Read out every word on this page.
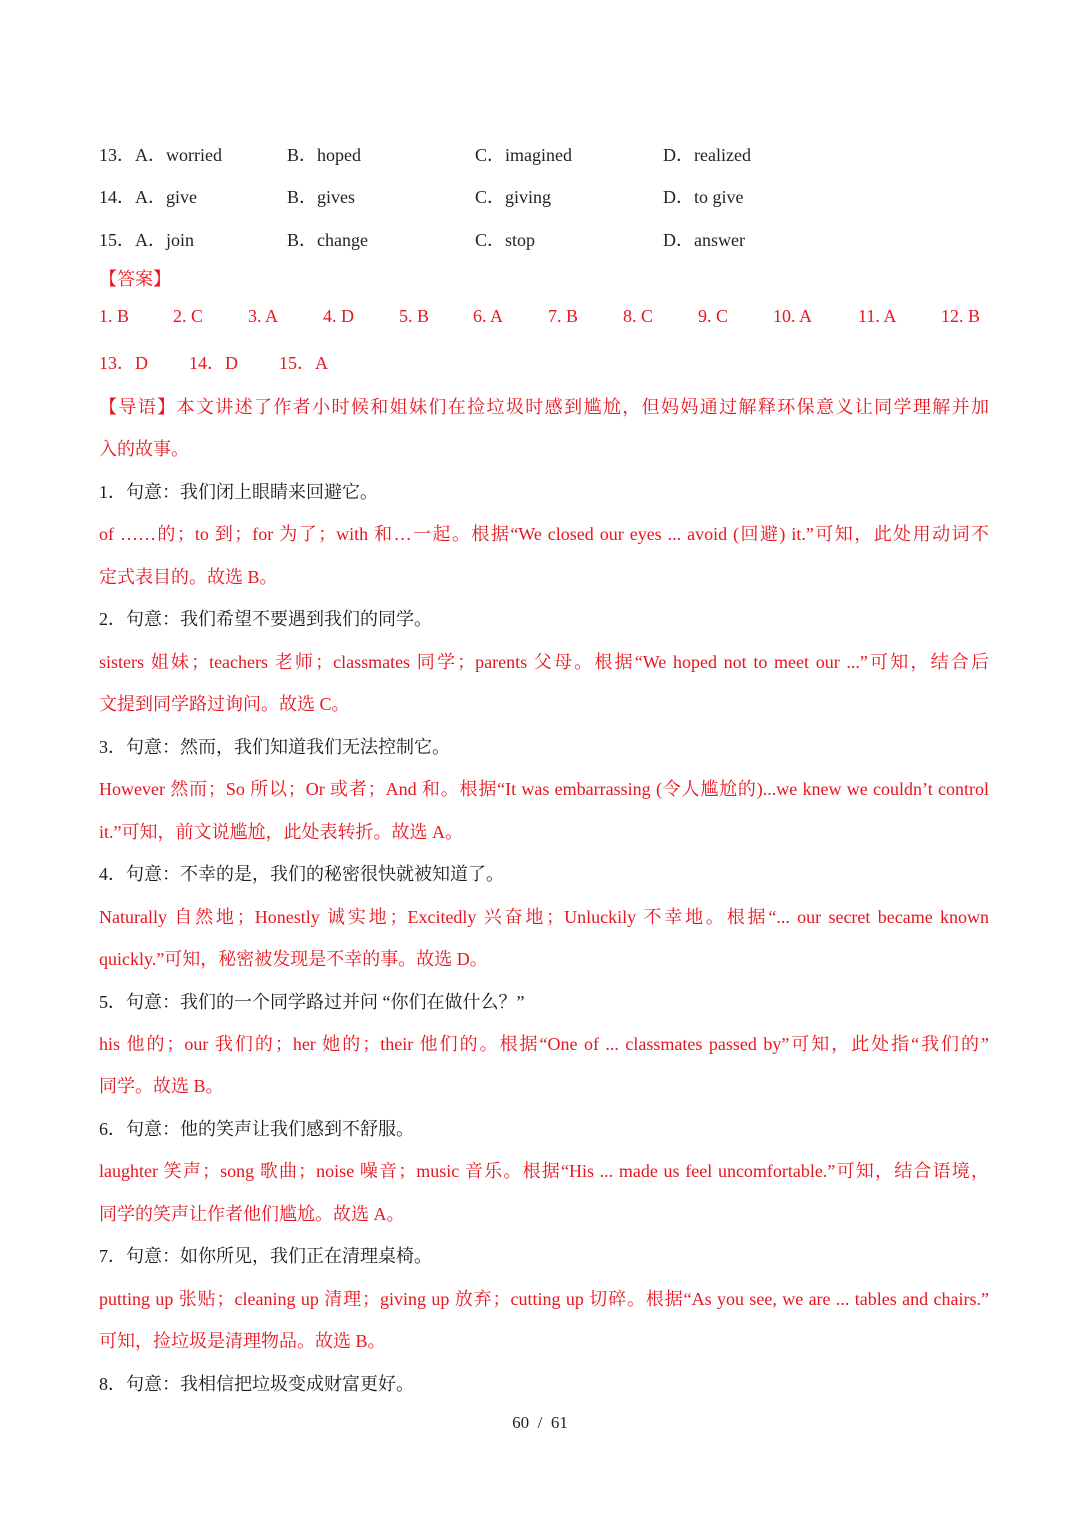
13．A．worried	B．hoped	C．imagined	D．realized
14．A．give	B．gives	C．giving	D．to give
15．A．join	B．change	C．stop	D．answer
【答案】
1. B 2. C 3. A 4. D	5. B 6. A 7. B 8. C 9. C 10. A	11. A 12. B
13．D 14．D 15．A
【导语】本文讲述了作者小时候和姐妹们在捡垃圾时感到尴尬，但妈妈通过解释环保意义让同学理解并加
入的故事。
1．句意：我们闭上眼睛来回避它。
of ……的；to 到；for 为了；with 和…一起。根据“We closed our eyes ... avoid (回避) it.”可知，此处用动词不
定式表目的。故选 B。
2．句意：我们希望不要遇到我们的同学。
sisters 姐妹；teachers 老师；classmates 同学；parents 父母。根据“We hoped not to meet our ...”可知，结合后
文提到同学路过询问。故选 C。
3．句意：然而，我们知道我们无法控制它。
However 然而；So 所以；Or 或者；And 和。根据“It was embarrassing (令人尴尬的)...we knew we couldn’t control
it.”可知，前文说尴尬，此处表转折。故选 A。
4．句意：不幸的是，我们的秘密很快就被知道了。
Naturally 自然地；Honestly 诚实地；Excitedly 兴奋地；Unluckily 不幸地。根据“... our secret became known
quickly.”可知，秘密被发现是不幸的事。故选 D。
5．句意：我们的一个同学路过并问 “你们在做什么？”
his 他的；our 我们的；her 她的；their 他们的。根据“One of ... classmates passed by”可知，此处指“我们的”
同学。故选 B。
6．句意：他的笑声让我们感到不舒服。
laughter 笑声；song 歌曲；noise 噪音；music 音乐。根据“His ... made us feel uncomfortable.”可知，结合语境，
同学的笑声让作者他们尴尬。故选 A。
7．句意：如你所见，我们正在清理桌椅。
putting up 张贴；cleaning up 清理；giving up 放弃；cutting up 切碎。根据“As you see, we are ... tables and chairs.”
可知，捡垃圾是清理物品。故选 B。
8．句意：我相信把垃圾变成财富更好。
60  /  61
